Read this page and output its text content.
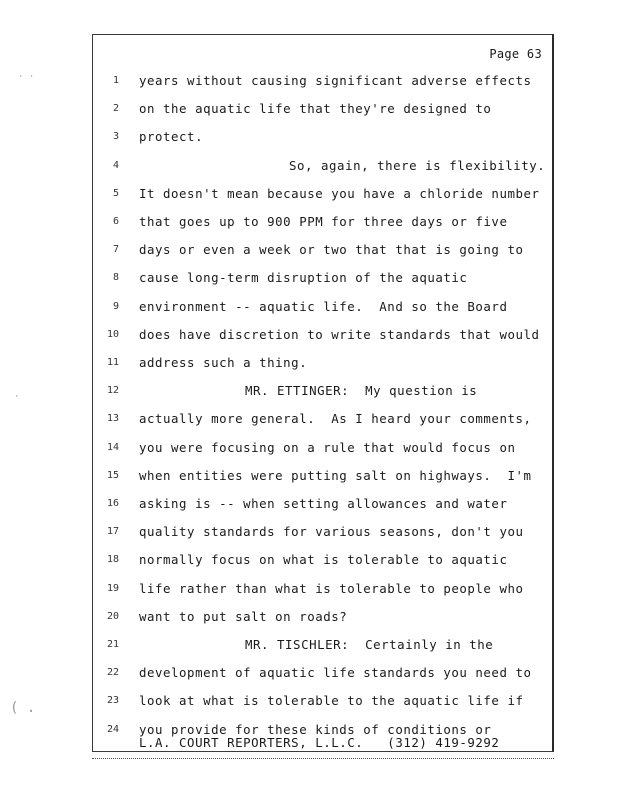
· ·
·
( .
Page 63
1 years without causing significant adverse effects
2 on the aquatic life that they're designed to
3 protect.
4	So, again, there is flexibility.
5 It doesn't mean because you have a chloride number
6 that goes up to 900 PPM for three days or five
7 days or even a week or two that that is going to
8 cause long-term disruption of the aquatic
9 environment -- aquatic life.  And so the Board
10 does have discretion to write standards that would
11 address such a thing.
12	MR. ETTINGER:  My question is
13 actually more general.  As I heard your comments,
14 you were focusing on a rule that would focus on
15 when entities were putting salt on highways.  I'm
16 asking is -- when setting allowances and water
17 quality standards for various seasons, don't you
18 normally focus on what is tolerable to aquatic
19 life rather than what is tolerable to people who
20 want to put salt on roads?
21	MR. TISCHLER:  Certainly in the
22 development of aquatic life standards you need to
23 look at what is tolerable to the aquatic life if
24 you provide for these kinds of conditions or
L.A. COURT REPORTERS, L.L.C.   (312) 419-9292
